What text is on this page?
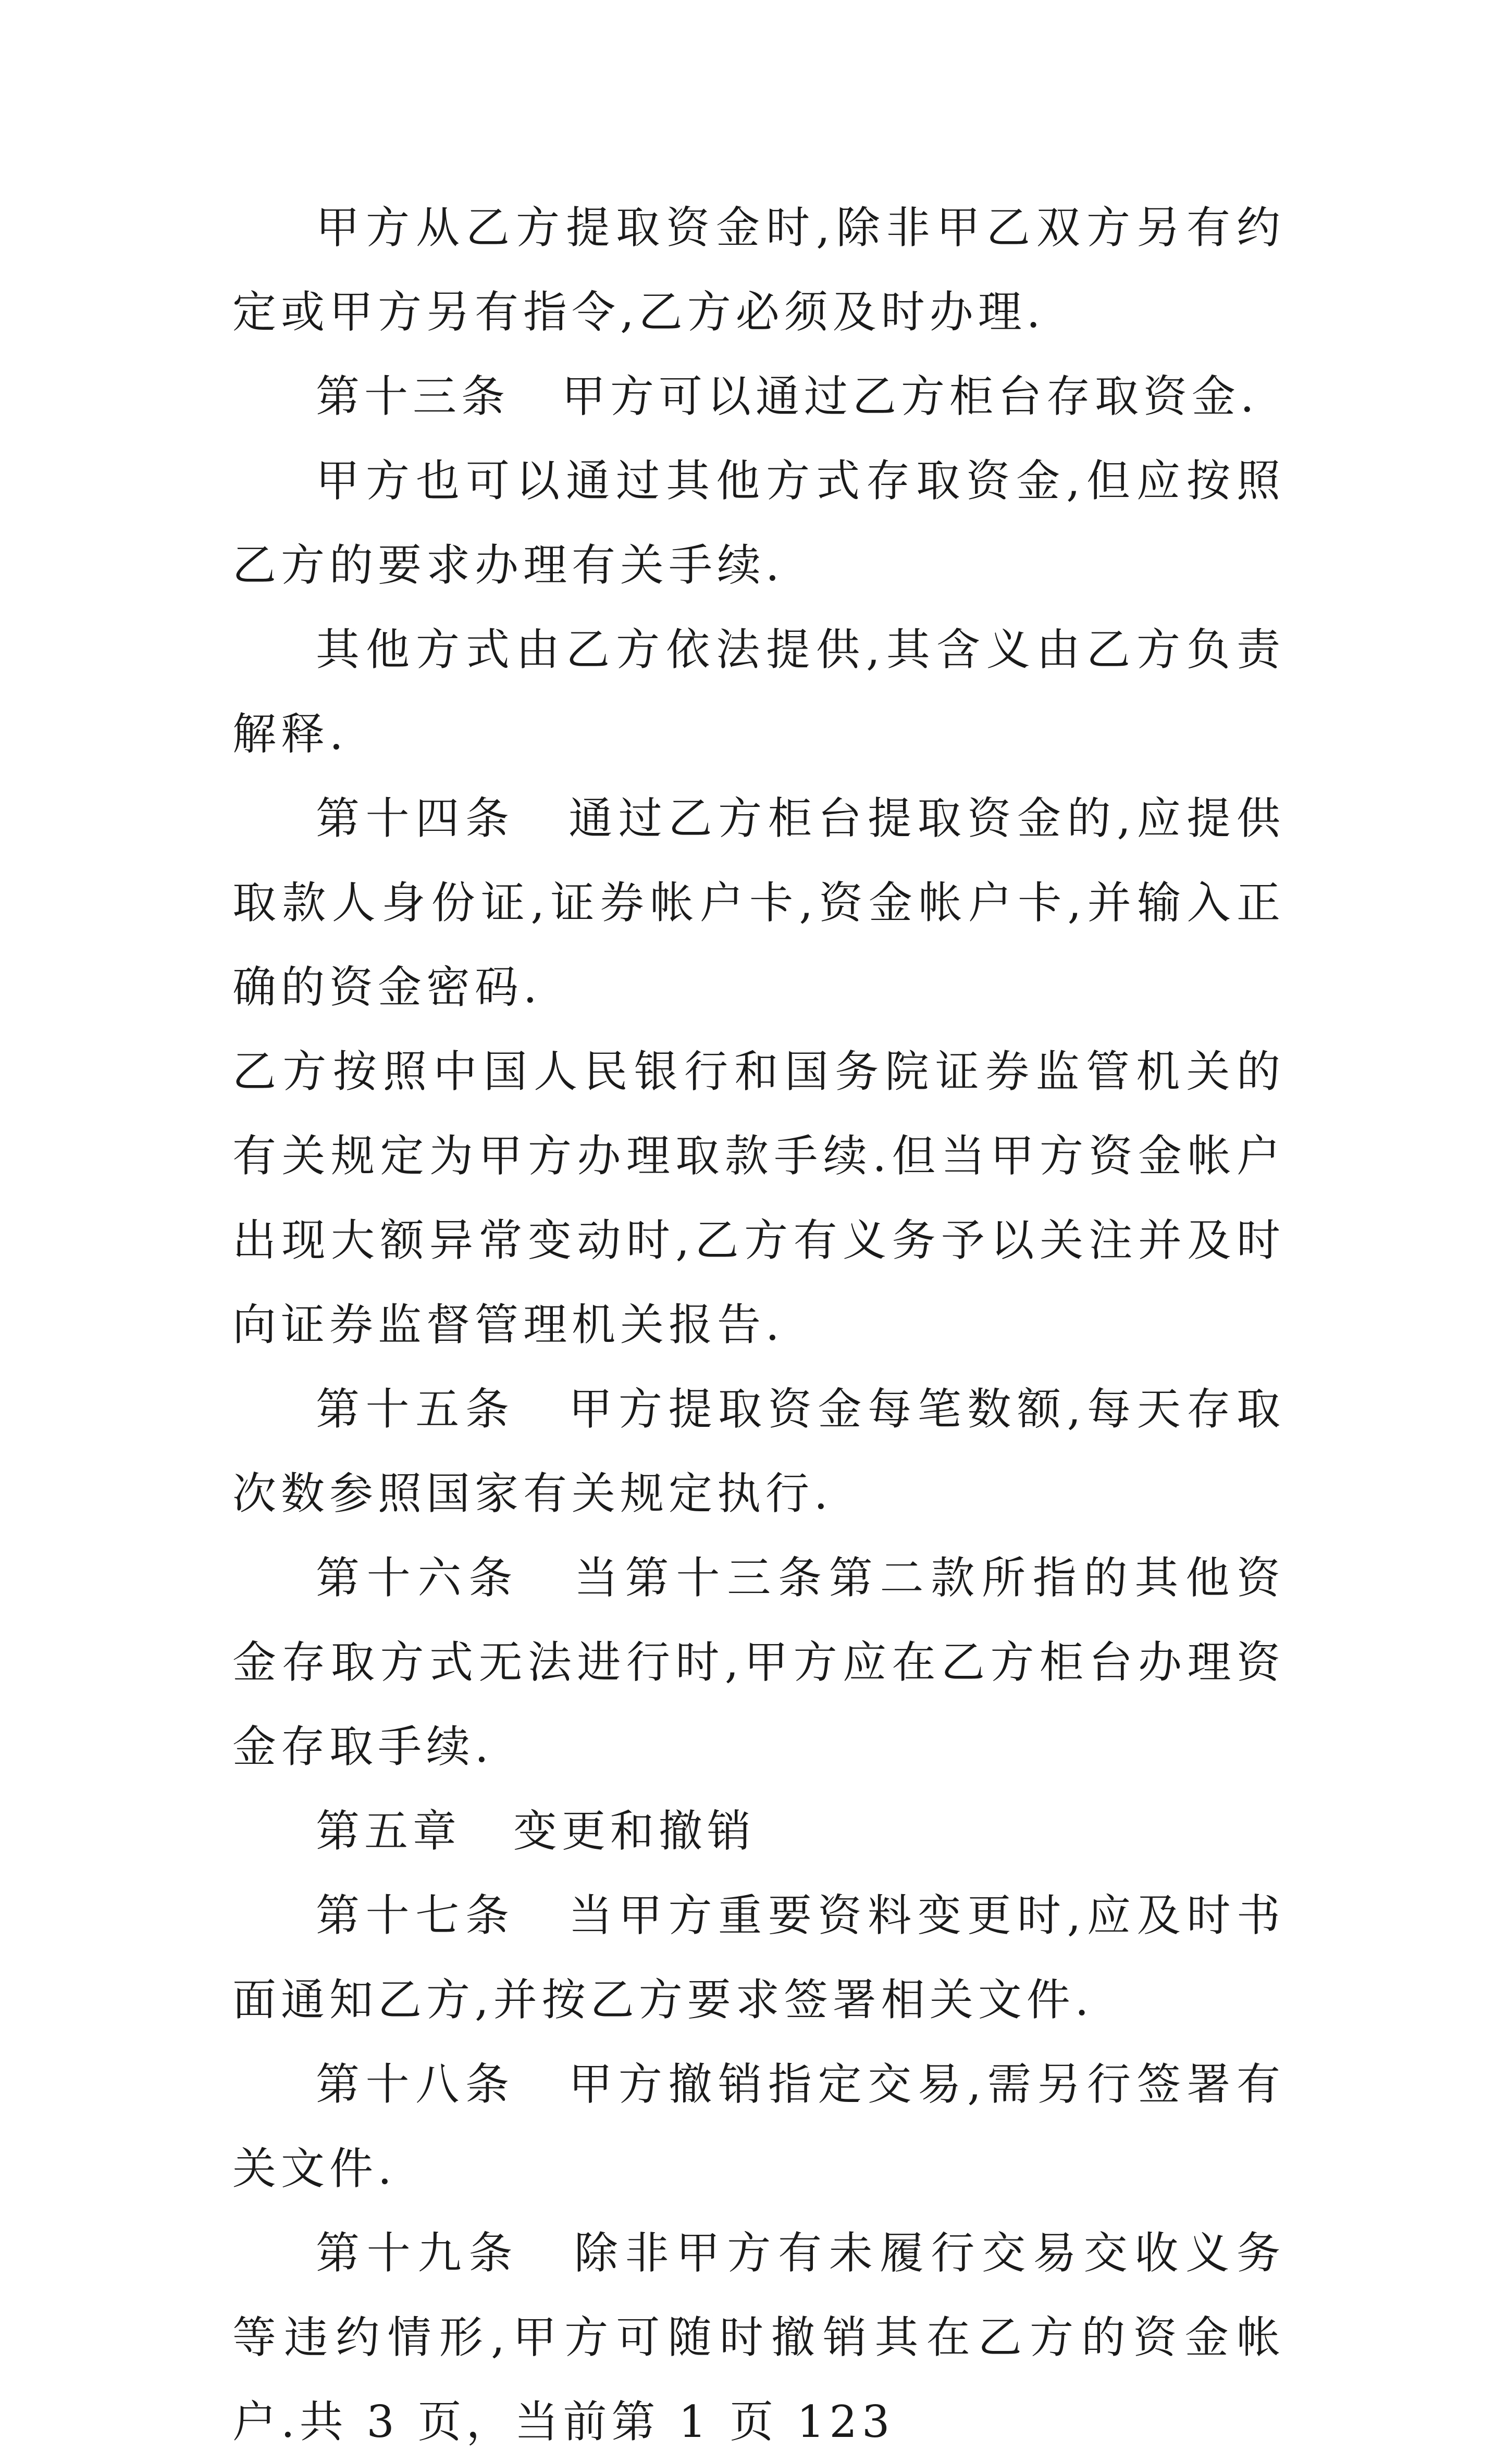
甲方从乙方提取资金时,除非甲乙双方另有约定或甲方另有指令,乙方必须及时办理.

第十三条 甲方可以通过乙方柜台存取资金.

甲方也可以通过其他方式存取资金,但应按照乙方的要求办理有关手续.

其他方式由乙方依法提供,其含义由乙方负责解释.

第十四条 通过乙方柜台提取资金的,应提供取款人身份证,证券帐户卡,资金帐户卡,并输入正确的资金密码.

乙方按照中国人民银行和国务院证券监管机关的有关规定为甲方办理取款手续.但当甲方资金帐户出现大额异常变动时,乙方有义务予以关注并及时向证券监督管理机关报告.

第十五条 甲方提取资金每笔数额,每天存取次数参照国家有关规定执行.

第十六条 当第十三条第二款所指的其他资金存取方式无法进行时,甲方应在乙方柜台办理资金存取手续.

第五章 变更和撤销

第十七条 当甲方重要资料变更时,应及时书面通知乙方,并按乙方要求签署相关文件.

第十八条 甲方撤销指定交易,需另行签署有关文件.

第十九条 除非甲方有未履行交易交收义务等违约情形,甲方可随时撤销其在乙方的资金帐户.共 3 页，当前第 1 页 123
